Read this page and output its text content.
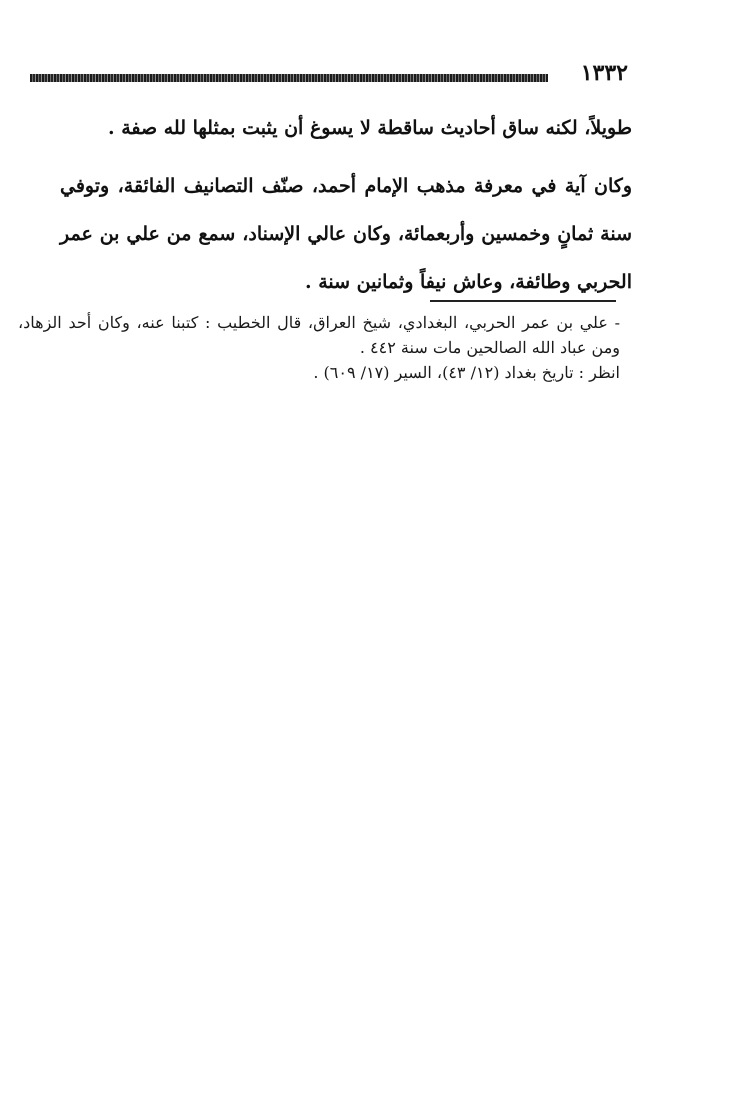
١٣٣٢

طويلاً، لكنه ساق أحاديث ساقطة لا يسوغ أن يثبت بمثلها لله صفة .

وكان آية في معرفة مذهب الإمام أحمد، صنّف التصانيف الفائقة، وتوفي سنة ثمانٍ وخمسين وأربعمائة، وكان عالي الإسناد، سمع من علي بن عمر الحربي وطائفة، وعاش نيفاً وثمانين سنة .

- علي بن عمر الحربي، البغدادي، شيخ العراق، قال الخطيب : كتبنا عنه، وكان أحد الزهاد، ومن عباد الله الصالحين مات سنة ٤٤٢ .

انظر : تاريخ بغداد (١٢/ ٤٣)، السير (١٧/ ٦٠٩) .
